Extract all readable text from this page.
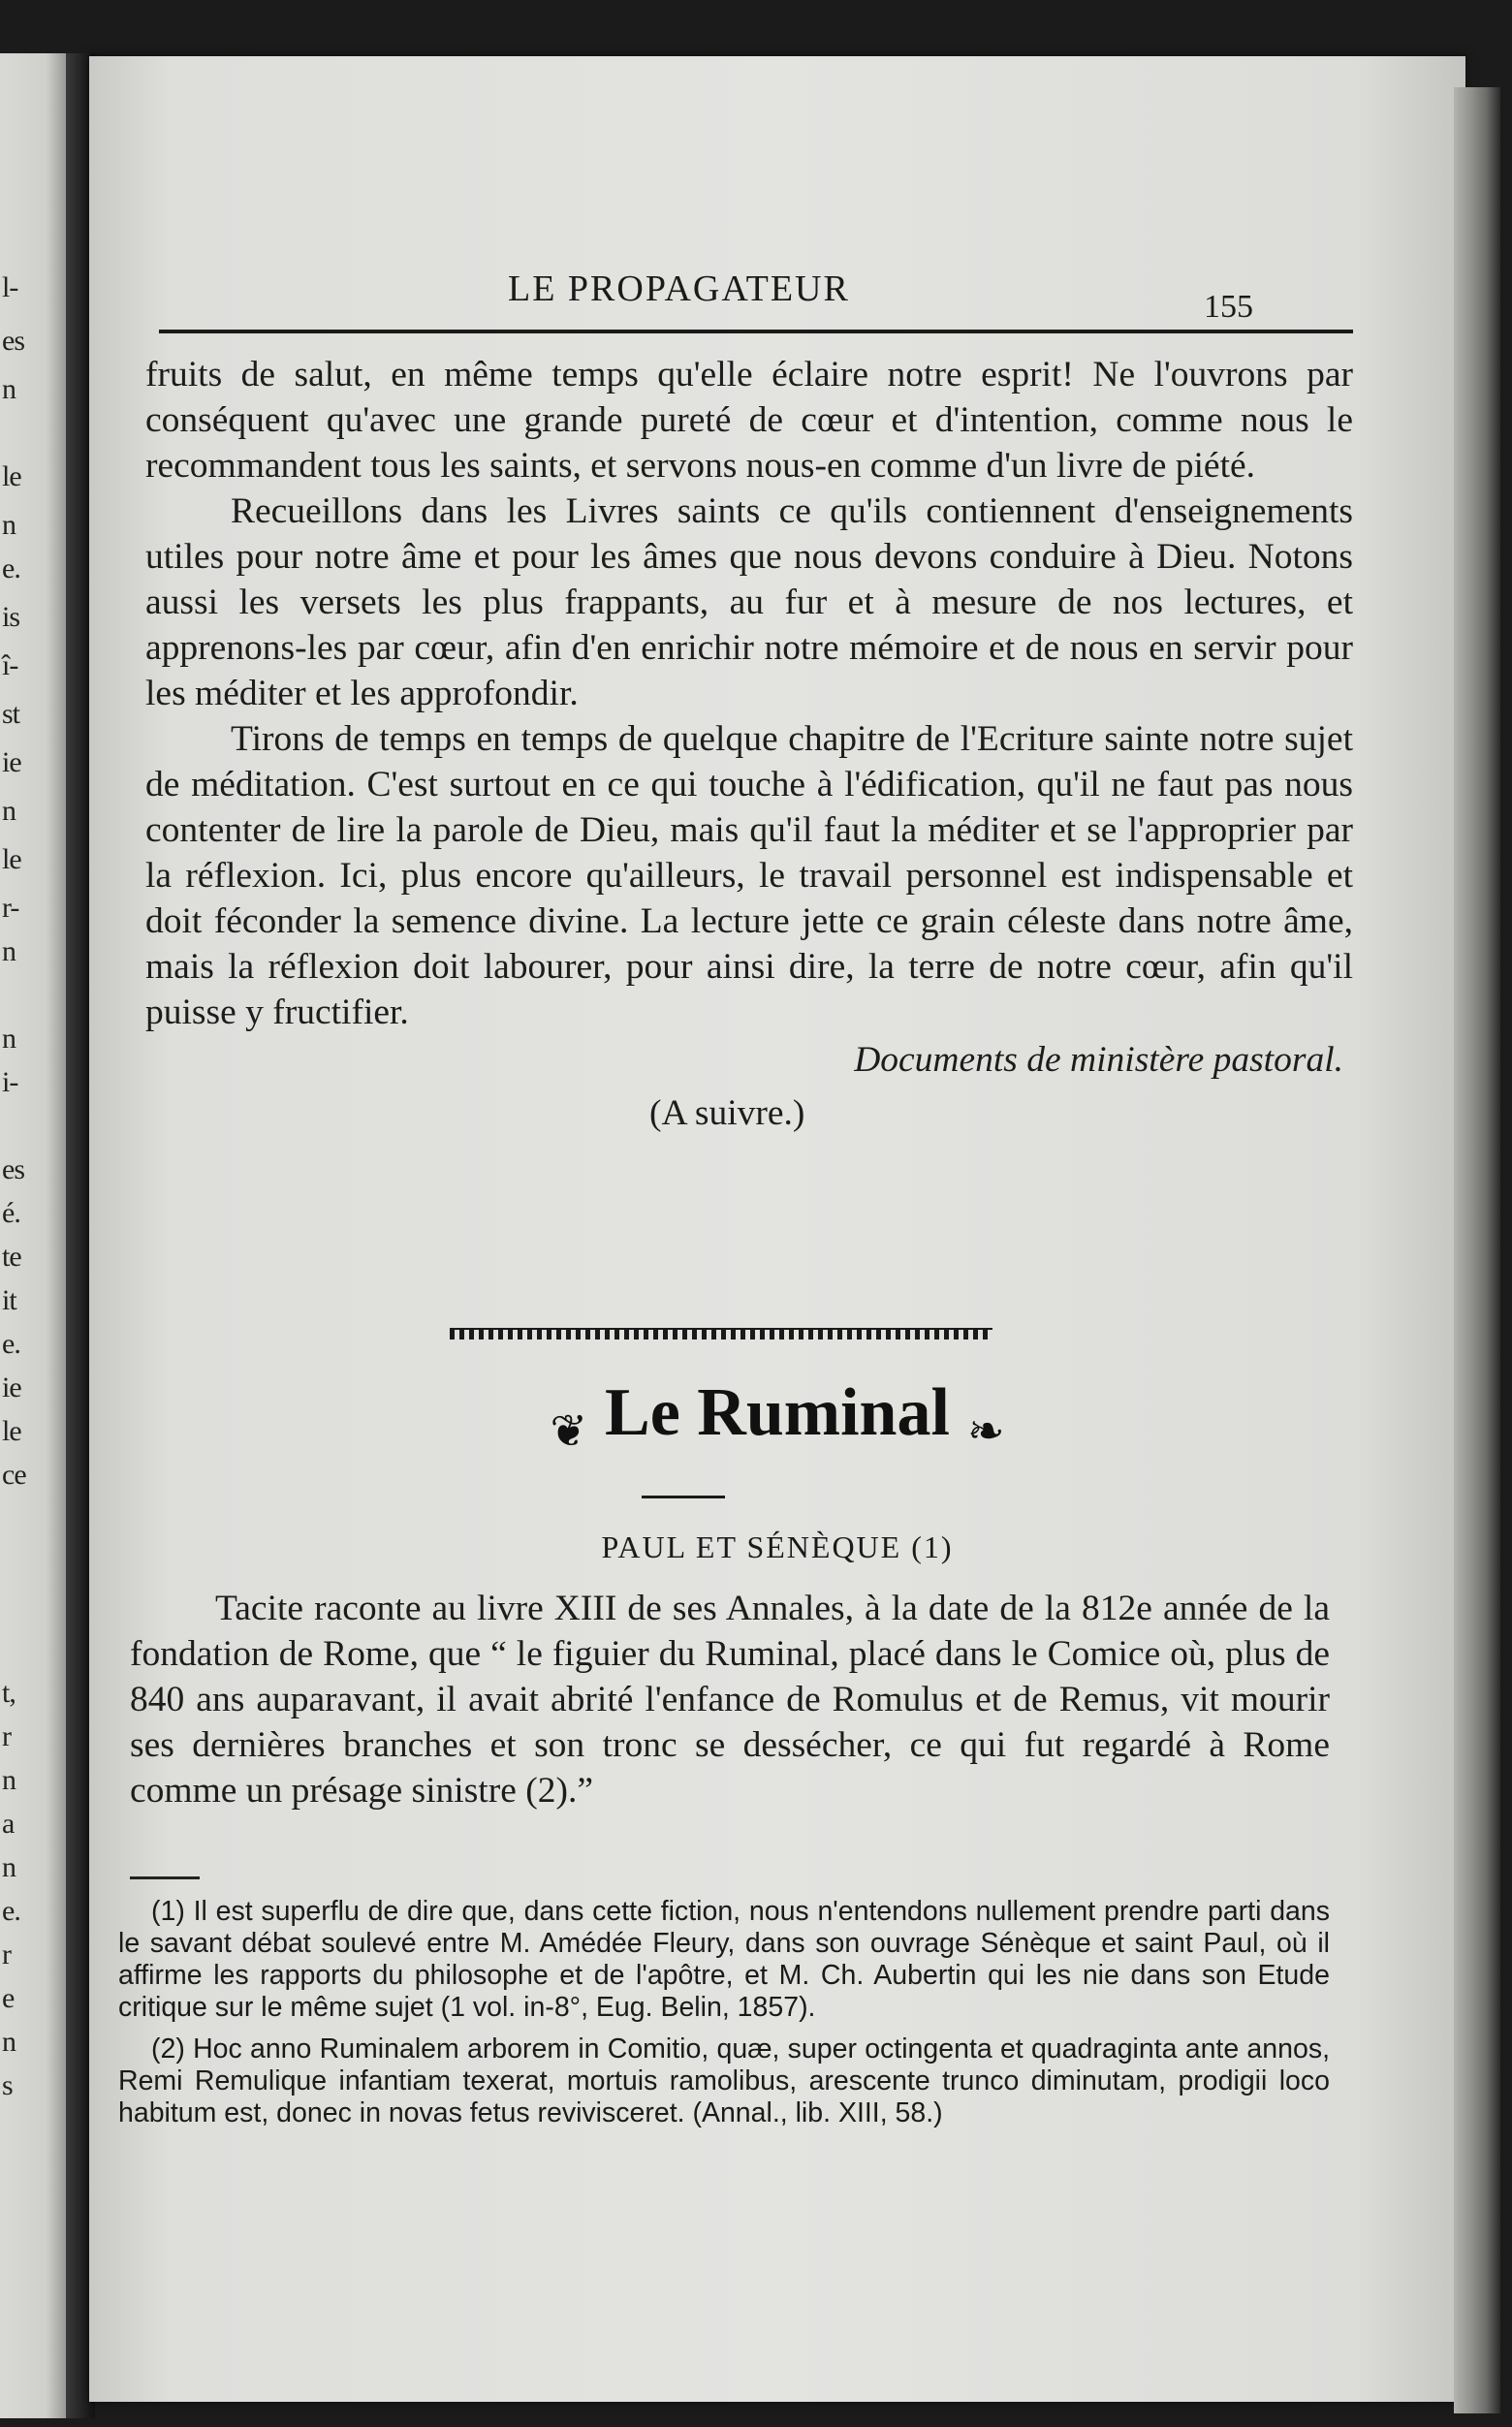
l-
es
n
le
n
e.
is
î-
st
ie
n
le
r-
n
n
i-
es
é.
te
it
e.
ie
le
ce
t,
r
n
a
n
e.
r
e
n
s
LE PROPAGATEUR	155

fruits de salut, en même temps qu'elle éclaire notre esprit! Ne l'ouvrons par conséquent qu'avec une grande pureté de cœur et d'intention, comme nous le recommandent tous les saints, et servons nous-en comme d'un livre de piété.

Recueillons dans les Livres saints ce qu'ils contiennent d'enseignements utiles pour notre âme et pour les âmes que nous devons conduire à Dieu. Notons aussi les versets les plus frappants, au fur et à mesure de nos lectures, et apprenons-les par cœur, afin d'en enrichir notre mémoire et de nous en servir pour les méditer et les approfondir.

Tirons de temps en temps de quelque chapitre de l'Ecriture sainte notre sujet de méditation. C'est surtout en ce qui touche à l'édification, qu'il ne faut pas nous contenter de lire la parole de Dieu, mais qu'il faut la méditer et se l'approprier par la réflexion. Ici, plus encore qu'ailleurs, le travail personnel est indispensable et doit féconder la semence divine. La lecture jette ce grain céleste dans notre âme, mais la réflexion doit labourer, pour ainsi dire, la terre de notre cœur, afin qu'il puisse y fructifier.

Documents de ministère pastoral.
(A suivre.)
❦ Le Ruminal ❧
PAUL ET SÉNÈQUE (1)

Tacite raconte au livre XIII de ses Annales, à la date de la 812e année de la fondation de Rome, que “ le figuier du Ruminal, placé dans le Comice où, plus de 840 ans auparavant, il avait abrité l'enfance de Romulus et de Remus, vit mourir ses dernières branches et son tronc se dessécher, ce qui fut regardé à Rome comme un présage sinistre (2).”

(1) Il est superflu de dire que, dans cette fiction, nous n'entendons nullement prendre parti dans le savant débat soulevé entre M. Amédée Fleury, dans son ouvrage Sénèque et saint Paul, où il affirme les rapports du philosophe et de l'apôtre, et M. Ch. Aubertin qui les nie dans son Etude critique sur le même sujet (1 vol. in-8°, Eug. Belin, 1857).

(2) Hoc anno Ruminalem arborem in Comitio, quæ, super octingenta et quadraginta ante annos, Remi Remulique infantiam texerat, mortuis ramolibus, arescente trunco diminutam, prodigii loco habitum est, donec in novas fetus revivisceret. (Annal., lib. XIII, 58.)
